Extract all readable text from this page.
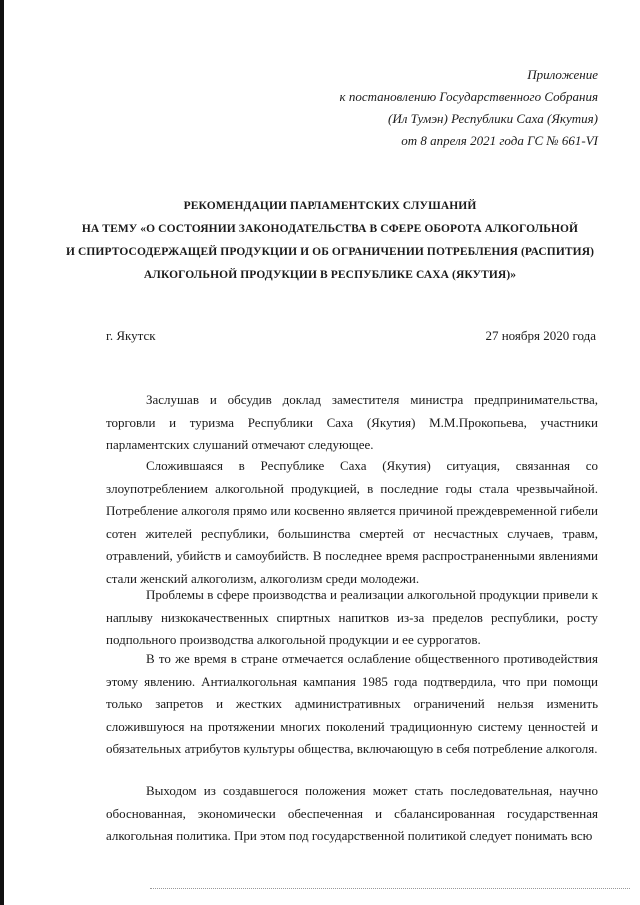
Приложение
к постановлению Государственного Собрания
(Ил Тумэн) Республики Саха (Якутия)
от 8 апреля 2021 года ГС № 661-VI
РЕКОМЕНДАЦИИ ПАРЛАМЕНТСКИХ СЛУШАНИЙ
НА ТЕМУ «О СОСТОЯНИИ ЗАКОНОДАТЕЛЬСТВА В СФЕРЕ ОБОРОТА АЛКОГОЛЬНОЙ
И СПИРТОСОДЕРЖАЩЕЙ ПРОДУКЦИИ И ОБ ОГРАНИЧЕНИИ ПОТРЕБЛЕНИЯ (РАСПИТИЯ)
АЛКОГОЛЬНОЙ ПРОДУКЦИИ В РЕСПУБЛИКЕ САХА (ЯКУТИЯ)»
г. Якутск	27 ноября 2020 года

Заслушав и обсудив доклад заместителя министра предпринимательства, торговли и туризма Республики Саха (Якутия) М.М.Прокопьева, участники парламентских слушаний отмечают следующее.

Сложившаяся в Республике Саха (Якутия) ситуация, связанная со злоупотреблением алкогольной продукцией, в последние годы стала чрезвычайной. Потребление алкоголя прямо или косвенно является причиной преждевременной гибели сотен жителей республики, большинства смертей от несчастных случаев, травм, отравлений, убийств и самоубийств. В последнее время распространенными явлениями стали женский алкоголизм, алкоголизм среди молодежи.

Проблемы в сфере производства и реализации алкогольной продукции привели к наплыву низкокачественных спиртных напитков из-за пределов республики, росту подпольного производства алкогольной продукции и ее суррогатов.

В то же время в стране отмечается ослабление общественного противодействия этому явлению. Антиалкогольная кампания 1985 года подтвердила, что при помощи только запретов и жестких административных ограничений нельзя изменить сложившуюся на протяжении многих поколений традиционную систему ценностей и обязательных атрибутов культуры общества, включающую в себя потребление алкоголя.

Выходом из создавшегося положения может стать последовательная, научно обоснованная, экономически обеспеченная и сбалансированная государственная алкогольная политика. При этом под государственной политикой следует понимать всю
